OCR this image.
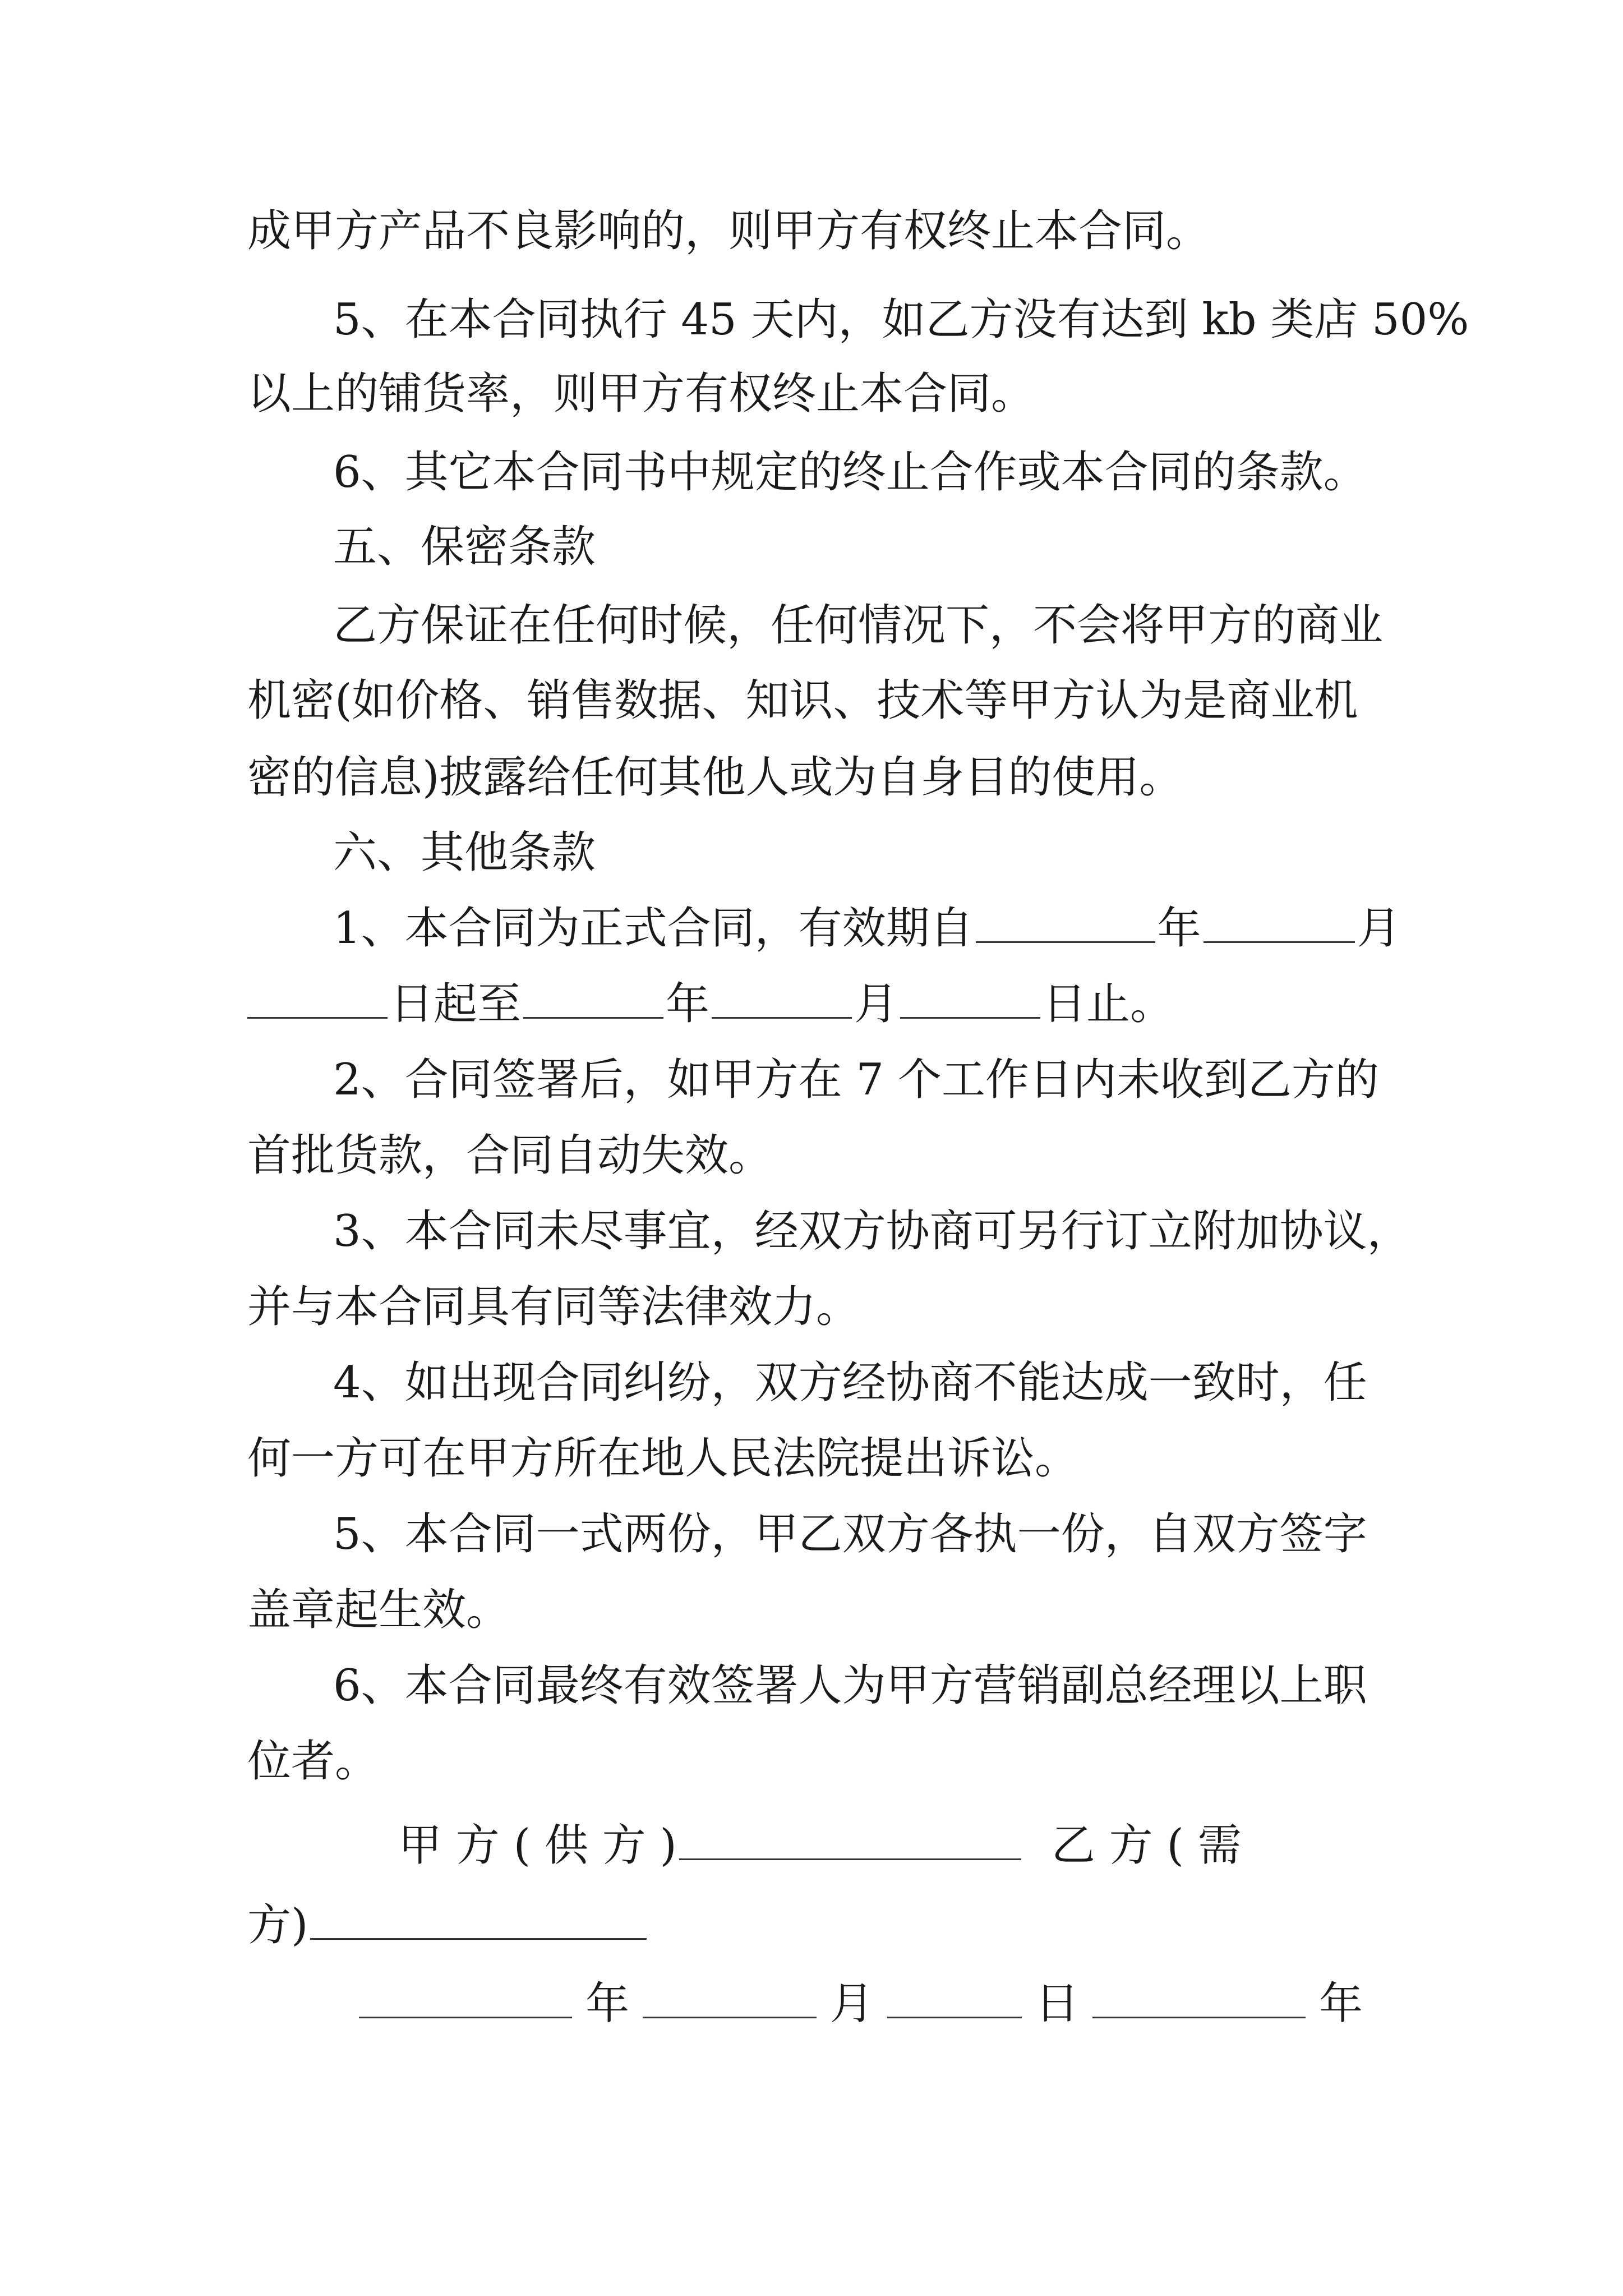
成甲方产品不良影响的，则甲方有权终止本合同。
5、在本合同执行 45 天内，如乙方没有达到 kb 类店 50%
以上的铺货率，则甲方有权终止本合同。
6、其它本合同书中规定的终止合作或本合同的条款。
五、保密条款
乙方保证在任何时候，任何情况下，不会将甲方的商业
机密(如价格、销售数据、知识、技术等甲方认为是商业机
密的信息)披露给任何其他人或为自身目的使用。
六、其他条款
1、本合同为正式合同，有效期自	年	月
日起至	年	月	日止。
2、合同签署后，如甲方在 7 个工作日内未收到乙方的
首批货款，合同自动失效。
3、本合同未尽事宜，经双方协商可另行订立附加协议，
并与本合同具有同等法律效力。
4、如出现合同纠纷，双方经协商不能达成一致时，任
何一方可在甲方所在地人民法院提出诉讼。
5、本合同一式两份，甲乙双方各执一份，自双方签字
盖章起生效。
6、本合同最终有效签署人为甲方营销副总经理以上职
位者。
甲 方 ( 供 方 )	乙 方 ( 需
方)
年	月	日	年
